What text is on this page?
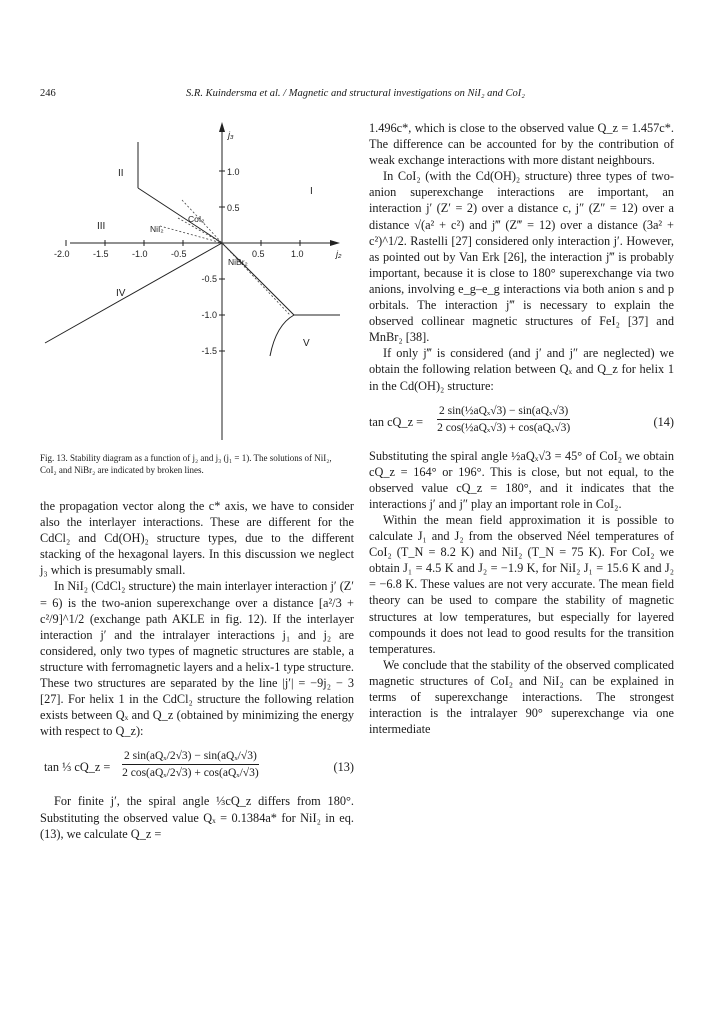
246	S.R. Kuindersma et al. / Magnetic and structural investigations on NiI₂ and CoI₂
-2.0	-1.5	-1.0	-0.5	0.5	1.0
1.0
0.5
-0.5
-1.0
-1.5
j₃
j₂
I
II
III
IV
V
NiI₂
CoI₂
NiBr₂
Fig. 13. Stability diagram as a function of j₂ and j₃ (j₁ = 1). The solutions of NiI₂, CoI₂ and NiBr₂ are indicated by broken lines.

the propagation vector along the c* axis, we have to consider also the interlayer interactions. These are different for the CdCl₂ and Cd(OH)₂ structure types, due to the different stacking of the hexagonal layers. In this discussion we neglect j₃ which is presumably small.

In NiI₂ (CdCl₂ structure) the main interlayer interaction j′ (Z′ = 6) is the two-anion superexchange over a distance [a²/3 + c²/9]^1/2 (exchange path AKLE in fig. 12). If the interlayer interaction j′ and the intralayer interactions j₁ and j₂ are considered, only two types of magnetic structures are stable, a structure with ferromagnetic layers and a helix-1 type structure. These two structures are separated by the line |j′| = −9j₂ − 3 [27]. For helix 1 in the CdCl₂ structure the following relation exists between Qₓ and Q_z (obtained by minimizing the energy with respect to Q_z):

tan ⅓ cQ_z =
2 sin(aQₓ/2√3) − sin(aQₓ/√3)
2 cos(aQₓ/2√3) + cos(aQₓ/√3)	(13)

For finite j′, the spiral angle ⅓cQ_z differs from 180°. Substituting the observed value Qₓ = 0.1384a* for NiI₂ in eq. (13), we calculate Q_z =

1.496c*, which is close to the observed value Q_z = 1.457c*. The difference can be accounted for by the contribution of weak exchange interactions with more distant neighbours.

In CoI₂ (with the Cd(OH)₂ structure) three types of two-anion superexchange interactions are important, an interaction j′ (Z′ = 2) over a distance c, j″ (Z″ = 12) over a distance √(a² + c²) and j‴ (Z‴ = 12) over a distance (3a² + c²)^1/2. Rastelli [27] considered only interaction j′. However, as pointed out by Van Erk [26], the interaction j‴ is probably important, because it is close to 180° superexchange via two anions, involving e_g–e_g interactions via both anion s and p orbitals. The interaction j‴ is necessary to explain the observed collinear magnetic structures of FeI₂ [37] and MnBr₂ [38].

If only j‴ is considered (and j′ and j″ are neglected) we obtain the following relation between Qₓ and Q_z for helix 1 in the Cd(OH)₂ structure:

tan cQ_z =
2 sin(½aQₓ√3) − sin(aQₓ√3)
2 cos(½aQₓ√3) + cos(aQₓ√3)	(14)

Substituting the spiral angle ½aQₓ√3 = 45° of CoI₂ we obtain cQ_z = 164° or 196°. This is close, but not equal, to the observed value cQ_z = 180°, and it indicates that the interactions j′ and j″ play an important role in CoI₂.

Within the mean field approximation it is possible to calculate J₁ and J₂ from the observed Néel temperatures of CoI₂ (T_N = 8.2 K) and NiI₂ (T_N = 75 K). For CoI₂ we obtain J₁ = 4.5 K and J₂ = −1.9 K, for NiI₂ J₁ = 15.6 K and J₂ = −6.8 K. These values are not very accurate. The mean field theory can be used to compare the stability of magnetic structures at low temperatures, but especially for layered compounds it does not lead to good results for the transition temperatures.

We conclude that the stability of the observed complicated magnetic structures of CoI₂ and NiI₂ can be explained in terms of superexchange interactions. The strongest interaction is the intralayer 90° superexchange via one intermediate
